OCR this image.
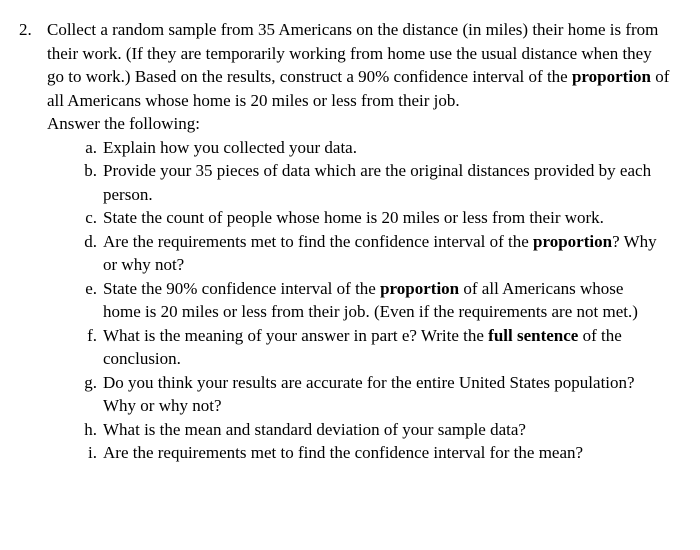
2. Collect a random sample from 35 Americans on the distance (in miles) their home is from their work. (If they are temporarily working from home use the usual distance when they go to work.) Based on the results, construct a 90% confidence interval of the proportion of all Americans whose home is 20 miles or less from their job.

Answer the following:

a. Explain how you collected your data.
b. Provide your 35 pieces of data which are the original distances provided by each person.
c. State the count of people whose home is 20 miles or less from their work.
d. Are the requirements met to find the confidence interval of the proportion? Why or why not?
e. State the 90% confidence interval of the proportion of all Americans whose home is 20 miles or less from their job. (Even if the requirements are not met.)
f. What is the meaning of your answer in part e? Write the full sentence of the conclusion.
g. Do you think your results are accurate for the entire United States population? Why or why not?
h. What is the mean and standard deviation of your sample data?
i. Are the requirements met to find the confidence interval for the mean?
